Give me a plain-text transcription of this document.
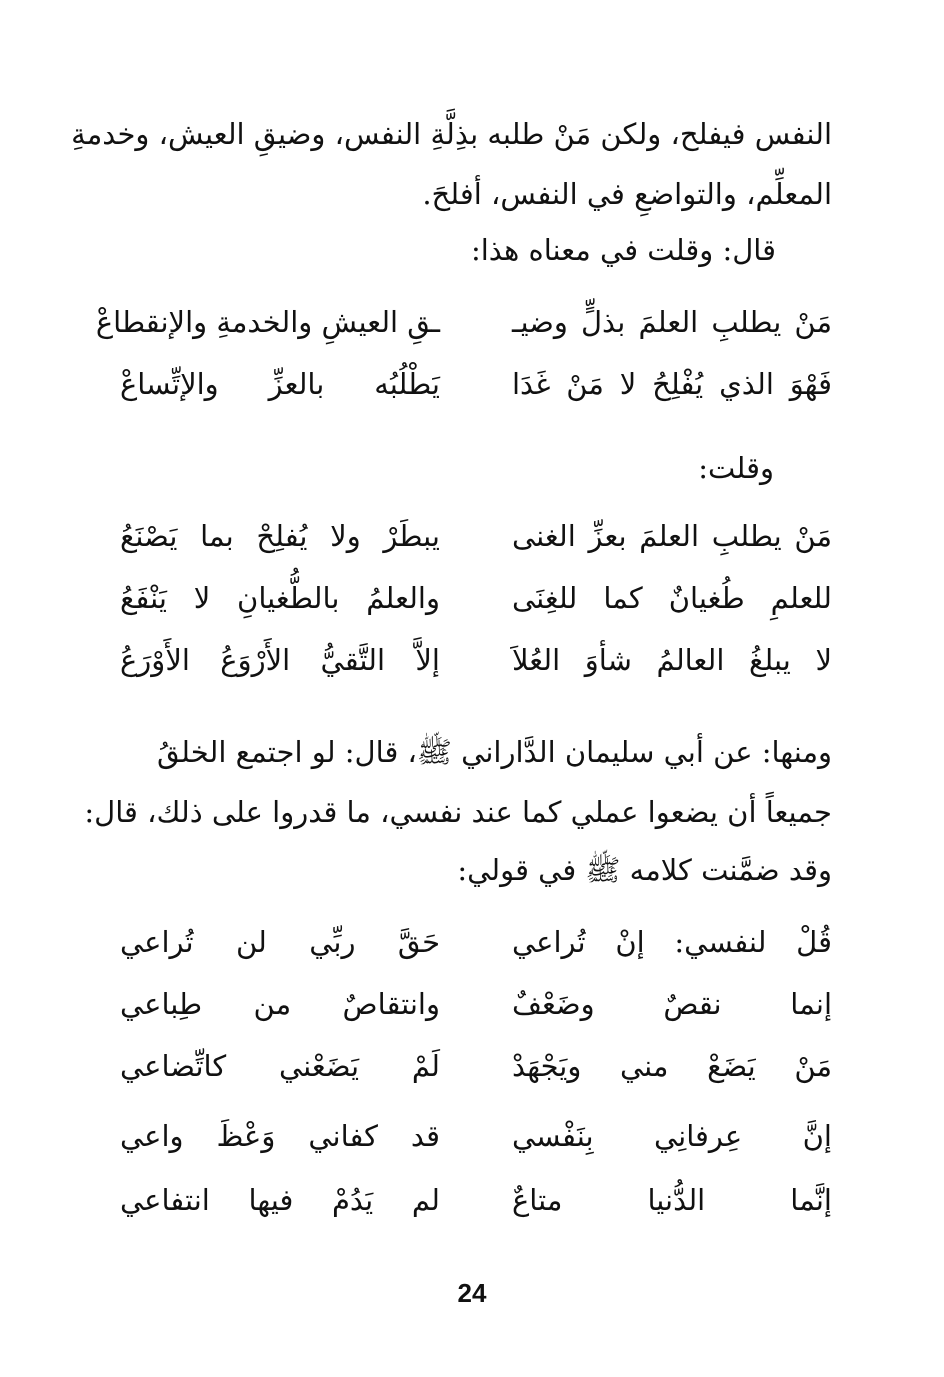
النفس فيفلح، ولكن مَنْ طلبه بذِلَّةِ النفس، وضيقِ العيش، وخدمةِ
المعلِّم، والتواضعِ في النفس، أفلحَ.
قال: وقلت في معناه هذا:
مَنْ يطلبِ العلمَ بذلٍّ وضيـ
ـقِ العيشِ والخدمةِ والإنقطاعْ
فَهْوَ الذي يُفْلِحُ لا مَنْ غَدَا
يَطْلُبُه بالعزِّ والإتِّساعْ
وقلت:
مَنْ يطلبِ العلمَ بعزِّ الغنى
يبطَرْ ولا يُفلِحْ بما يَصْنَعُ
للعلمِ طُغيانٌ كما للغِنَى
والعلمُ بالطُّغيانِ لا يَنْفَعُ
لا يبلغُ العالمُ شأوَ العُلاَ
إلاَّ التَّقيُّ الأَرْوَعُ الأَوْرَعُ
ومنها: عن أبي سليمان الدَّاراني ﷺ، قال: لو اجتمع الخلقُ
جميعاً أن يضعوا عملي كما عند نفسي، ما قدروا على ذلك، قال:
وقد ضمَّنت كلامه ﷺ في قولي:
قُلْ لنفسي: إنْ تُراعي
حَقَّ ربِّي لن تُراعي
إنما نقصٌ وضَعْفٌ
وانتقاصٌ من طِباعي
مَنْ يَضَعْ مني ويَجْهَدْ
لَمْ يَضَعْني كاتِّضاعي
إنَّ عِرفانِي بِنَفْسي
قد كفاني وَعْظَ واعي
إنَّما الدُّنيا متاعٌ
لم يَدُمْ فيها انتفاعي
24
